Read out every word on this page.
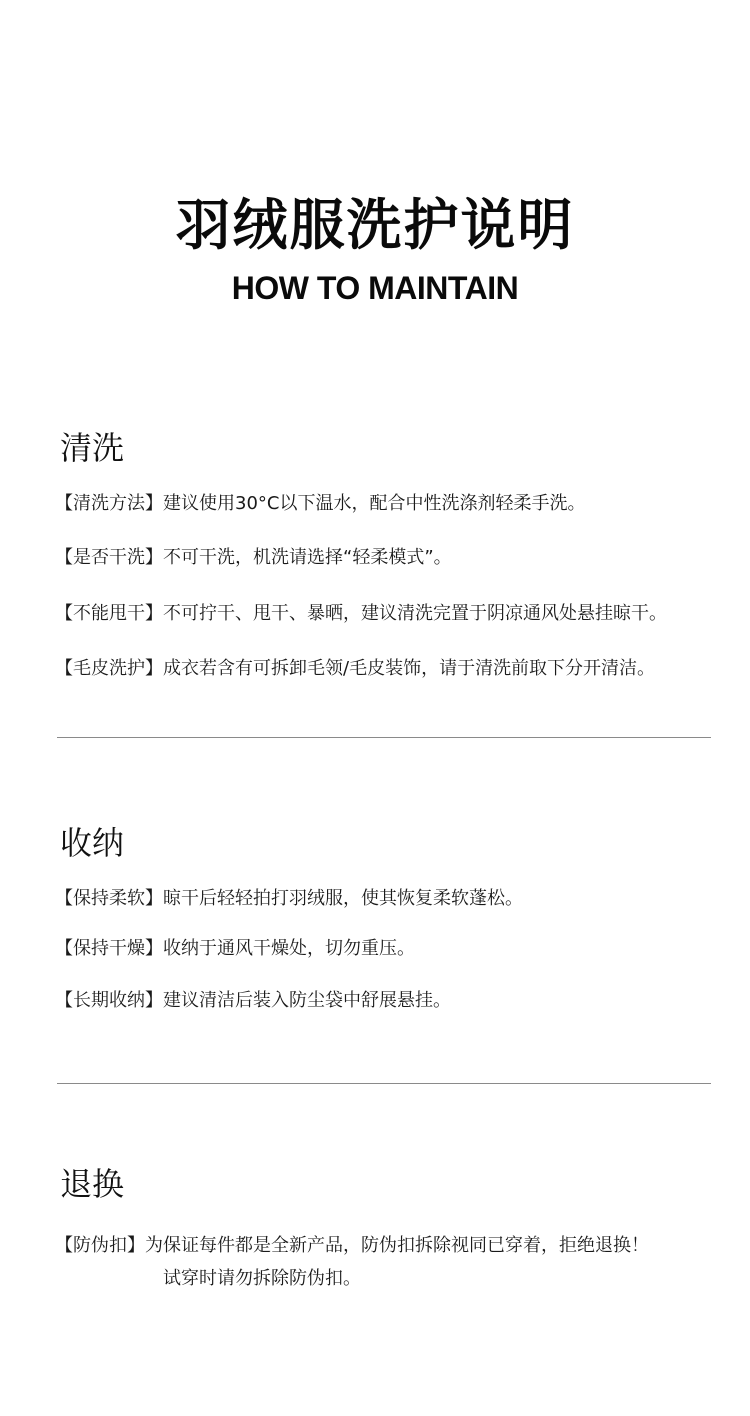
羽绒服洗护说明
HOW TO MAINTAIN
清洗
【清洗方法】建议使用30°C以下温水，配合中性洗涤剂轻柔手洗。
【是否干洗】不可干洗，机洗请选择“轻柔模式”。
【不能甩干】不可拧干、甩干、暴晒，建议清洗完置于阴凉通风处悬挂晾干。
【毛皮洗护】成衣若含有可拆卸毛领/毛皮装饰，请于清洗前取下分开清洁。
收纳
【保持柔软】晾干后轻轻拍打羽绒服，使其恢复柔软蓬松。
【保持干燥】收纳于通风干燥处，切勿重压。
【长期收纳】建议清洁后装入防尘袋中舒展悬挂。
退换
【防伪扣】为保证每件都是全新产品，防伪扣拆除视同已穿着，拒绝退换！
试穿时请勿拆除防伪扣。
